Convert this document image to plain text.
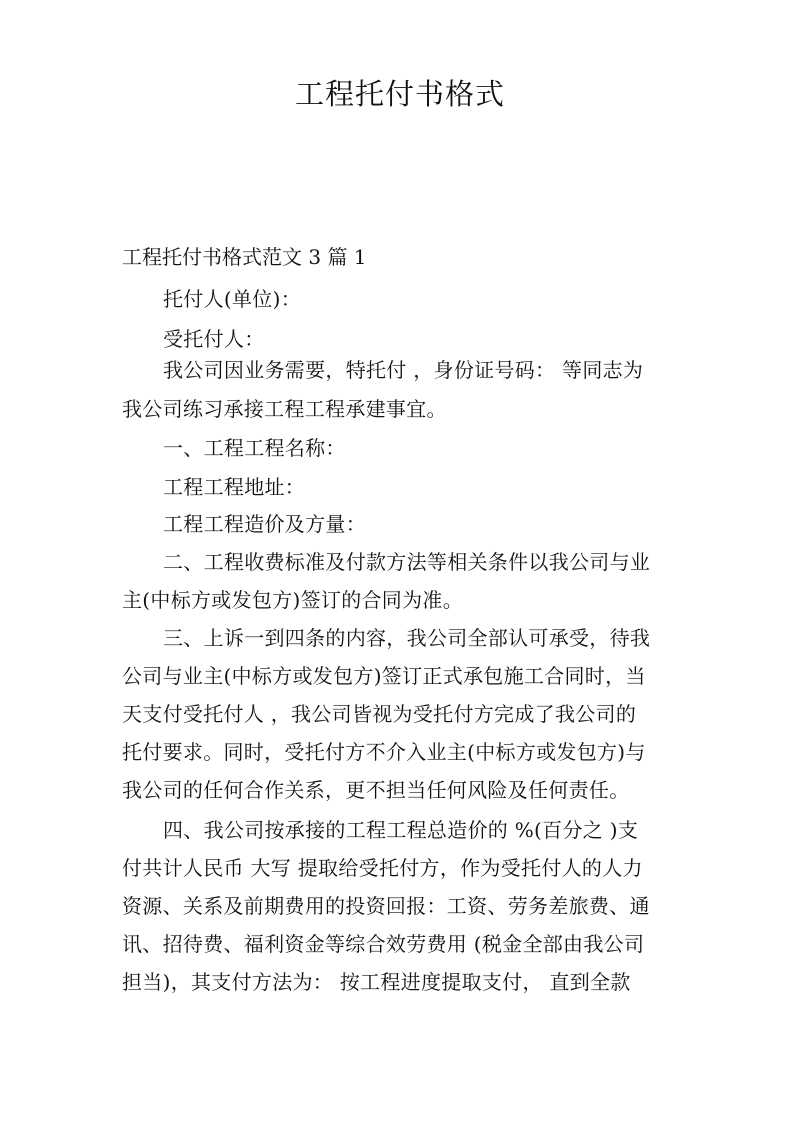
工程托付书格式
工程托付书格式范文 3 篇 1
托付人(单位)：
受托付人：
我公司因业务需要，特托付 ，身份证号码： 等同志为
我公司练习承接工程工程承建事宜。
一、工程工程名称：
工程工程地址：
工程工程造价及方量：
二、工程收费标准及付款方法等相关条件以我公司与业
主(中标方或发包方)签订的合同为准。
三、上诉一到四条的内容，我公司全部认可承受，待我
公司与业主(中标方或发包方)签订正式承包施工合同时，当
天支付受托付人 ，我公司皆视为受托付方完成了我公司的
托付要求。同时，受托付方不介入业主(中标方或发包方)与
我公司的任何合作关系，更不担当任何风险及任何责任。
四、我公司按承接的工程工程总造价的 %(百分之 )支
付共计人民币 大写 提取给受托付方，作为受托付人的人力
资源、关系及前期费用的投资回报：工资、劳务差旅费、通
讯、招待费、福利资金等综合效劳费用 (税金全部由我公司
担当)，其支付方法为： 按工程进度提取支付， 直到全款
